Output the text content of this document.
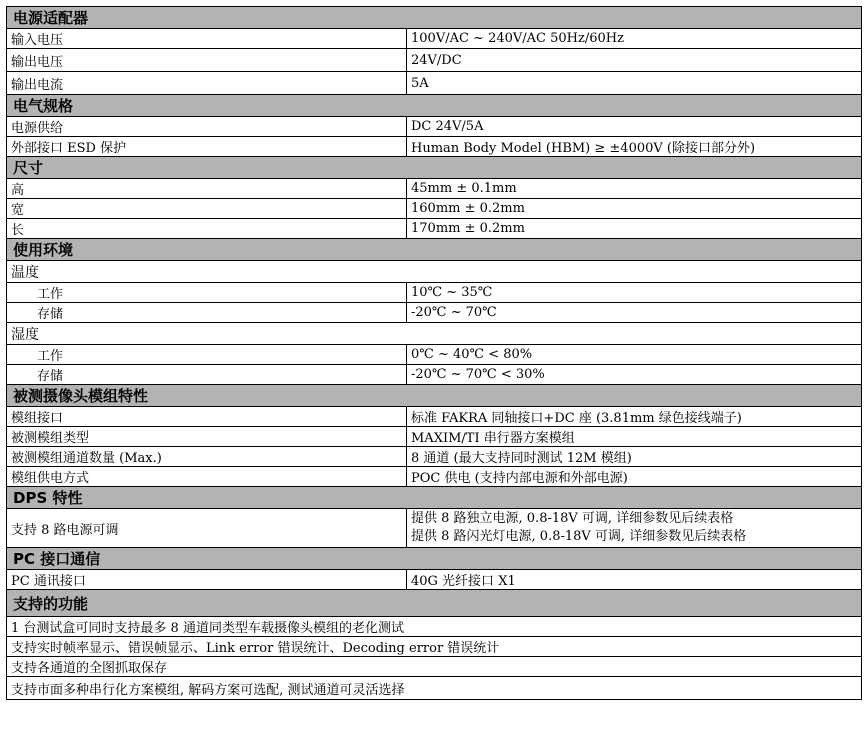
电源适配器	
输入电压	100V/AC ~ 240V/AC 50Hz/60Hz
输出电压	24V/DC
输出电流	5A
电气规格	
电源供给	DC 24V/5A
外部接口 ESD 保护	Human Body Model (HBM) ≥ ±4000V (除接口部分外)
尺寸	
高	45mm ± 0.1mm
宽	160mm ± 0.2mm
长	170mm ± 0.2mm
使用环境	
温度	
工作	10℃ ~ 35℃
存储	-20℃ ~ 70℃
湿度	
工作	0℃ ~ 40℃ < 80%
存储	-20℃ ~ 70℃ < 30%
被测摄像头模组特性	
模组接口	标准 FAKRA 同轴接口+DC 座 (3.81mm 绿色接线端子)
被测模组类型	MAXIM/TI 串行器方案模组
被测模组通道数量 (Max.)	8 通道 (最大支持同时测试 12M 模组)
模组供电方式	POC 供电 (支持内部电源和外部电源)
DPS 特性	
支持 8 路电源可调	提供 8 路独立电源, 0.8-18V 可调, 详细参数见后续表格
提供 8 路闪光灯电源, 0.8-18V 可调, 详细参数见后续表格

PC 接口通信	
PC 通讯接口	40G 光纤接口 X1
支持的功能	
1 台测试盒可同时支持最多 8 通道同类型车载摄像头模组的老化测试	
支持实时帧率显示、错误帧显示、Link error 错误统计、Decoding error 错误统计	
支持各通道的全图抓取保存	
支持市面多种串行化方案模组, 解码方案可选配, 测试通道可灵活选择	
